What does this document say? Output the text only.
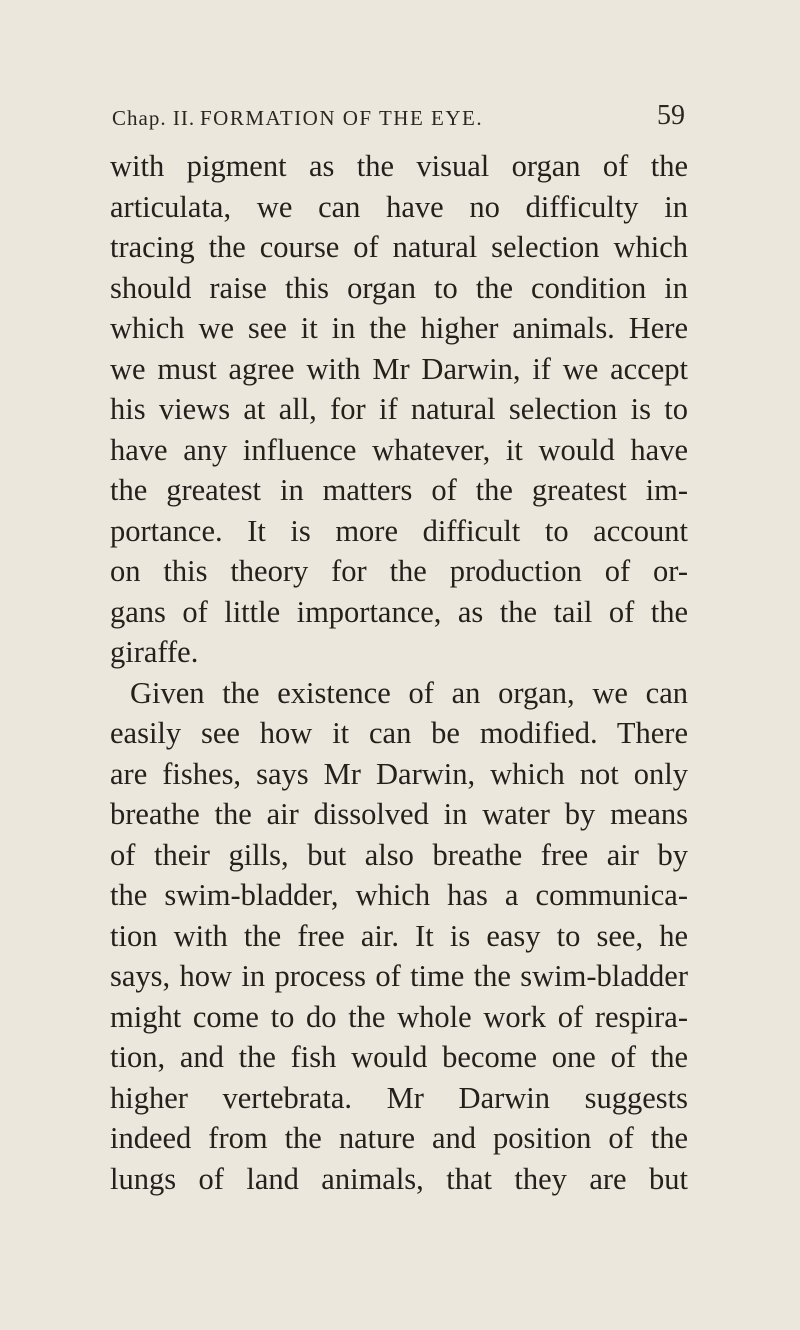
Chap. II. FORMATION OF THE EYE.	59
with pigment as the visual organ of the
articulata, we can have no difficulty in
tracing the course of natural selection which
should raise this organ to the condition in
which we see it in the higher animals. Here
we must agree with Mr Darwin, if we accept
his views at all, for if natural selection is to
have any influence whatever, it would have
the greatest in matters of the greatest im-
portance. It is more difficult to account
on this theory for the production of or-
gans of little importance, as the tail of the
giraffe.
Given the existence of an organ, we can
easily see how it can be modified. There
are fishes, says Mr Darwin, which not only
breathe the air dissolved in water by means
of their gills, but also breathe free air by
the swim-bladder, which has a communica-
tion with the free air. It is easy to see, he
says, how in process of time the swim-bladder
might come to do the whole work of respira-
tion, and the fish would become one of the
higher vertebrata. Mr Darwin suggests
indeed from the nature and position of the
lungs of land animals, that they are but
